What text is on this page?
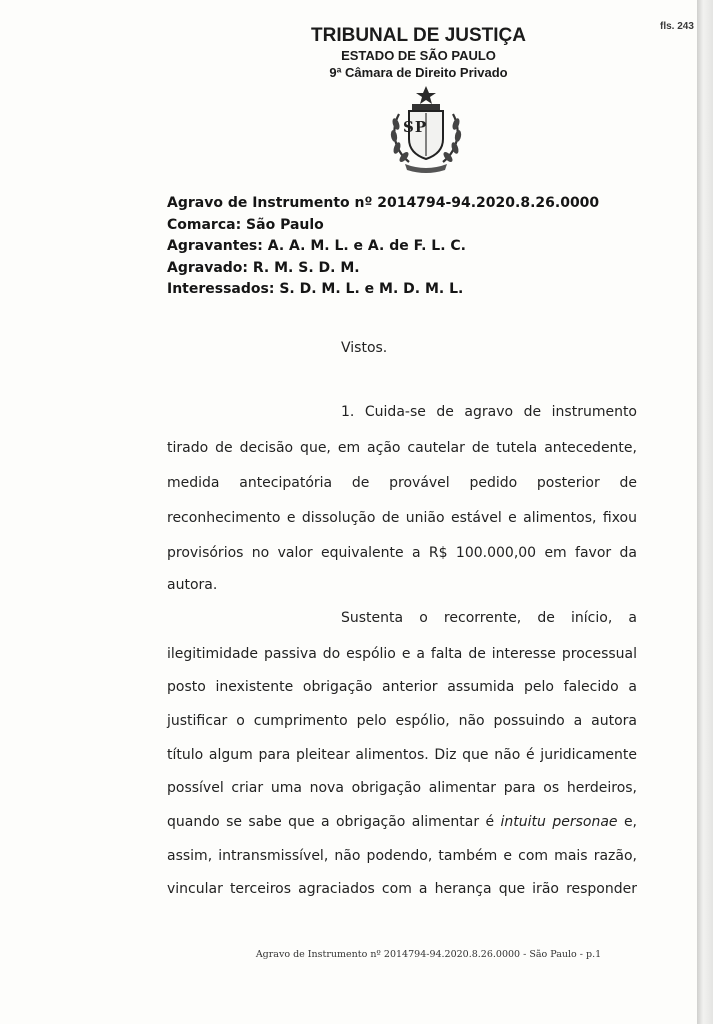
fls. 243
TRIBUNAL DE JUSTIÇA
ESTADO DE SÃO PAULO
9ª Câmara de Direito Privado
SP
Agravo de Instrumento nº 2014794-94.2020.8.26.0000
Comarca: São Paulo
Agravantes: A. A. M. L. e A. de F. L. C.
Agravado: R. M. S. D. M.
Interessados: S. D. M. L. e M. D. M. L.
Vistos.
1. Cuida-se de agravo de instrumento
tirado de decisão que, em ação cautelar de tutela antecedente,
medida antecipatória de provável pedido posterior de
reconhecimento e dissolução de união estável e alimentos, fixou
provisórios no valor equivalente a R$ 100.000,00 em favor da
autora.
Sustenta o recorrente, de início, a
ilegitimidade passiva do espólio e a falta de interesse processual
posto inexistente obrigação anterior assumida pelo falecido a
justificar o cumprimento pelo espólio, não possuindo a autora
título algum para pleitear alimentos. Diz que não é juridicamente
possível criar uma nova obrigação alimentar para os herdeiros,
quando se sabe que a obrigação alimentar é intuitu personae e,
assim, intransmissível, não podendo, também e com mais razão,
vincular terceiros agraciados com a herança que irão responder
Agravo de Instrumento nº 2014794-94.2020.8.26.0000 - São Paulo - p.1
